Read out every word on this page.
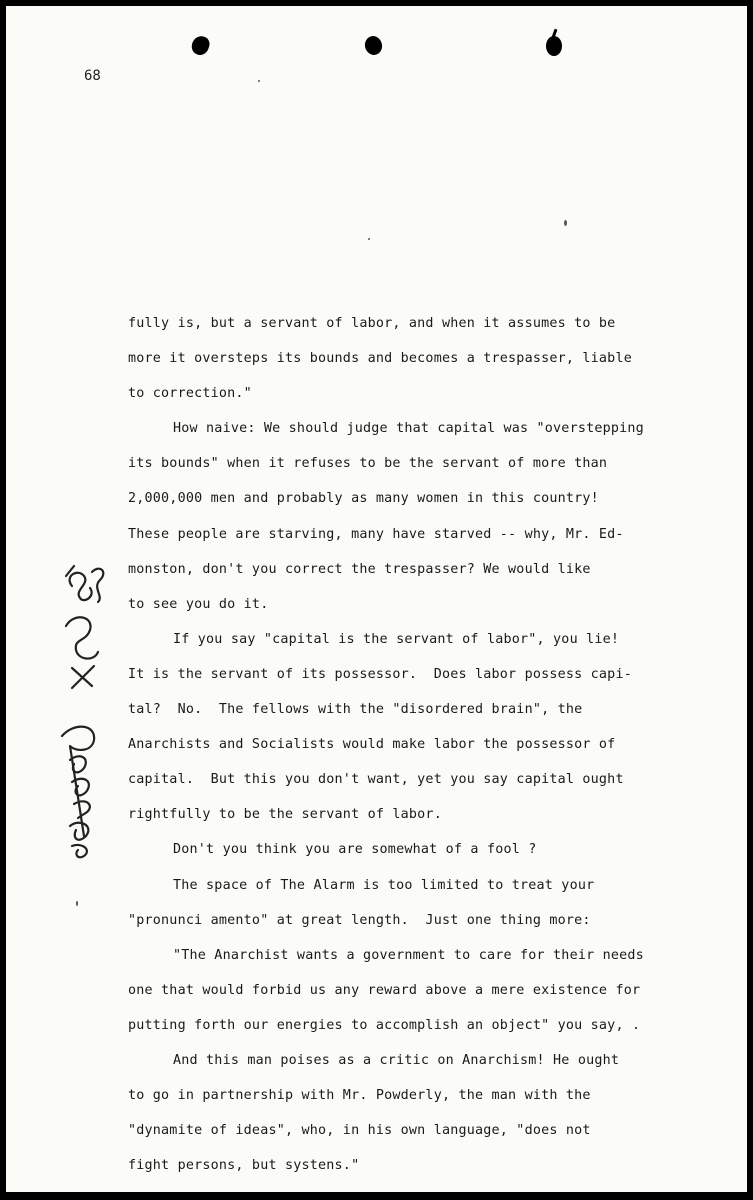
68
fully is, but a servant of labor, and when it assumes to be
more it oversteps its bounds and becomes a trespasser, liable
to correction."
How naive: We should judge that capital was "overstepping
its bounds" when it refuses to be the servant of more than
2,000,000 men and probably as many women in this country!
These people are starving, many have starved -- why, Mr. Ed-
monston, don't you correct the trespasser? We would like
to see you do it.
If you say "capital is the servant of labor", you lie!
It is the servant of its possessor.  Does labor possess capi-
tal?  No.  The fellows with the "disordered brain", the
Anarchists and Socialists would make labor the possessor of
capital.  But this you don't want, yet you say capital ought
rightfully to be the servant of labor.
Don't you think you are somewhat of a fool ?
The space of The Alarm is too limited to treat your
"pronunci amento" at great length.  Just one thing more:
"The Anarchist wants a government to care for their needs
one that would forbid us any reward above a mere existence for
putting forth our energies to accomplish an object" you say, .
And this man poises as a critic on Anarchism! He ought
to go in partnership with Mr. Powderly, the man with the
"dynamite of ideas", who, in his own language, "does not
fight persons, but systens."
